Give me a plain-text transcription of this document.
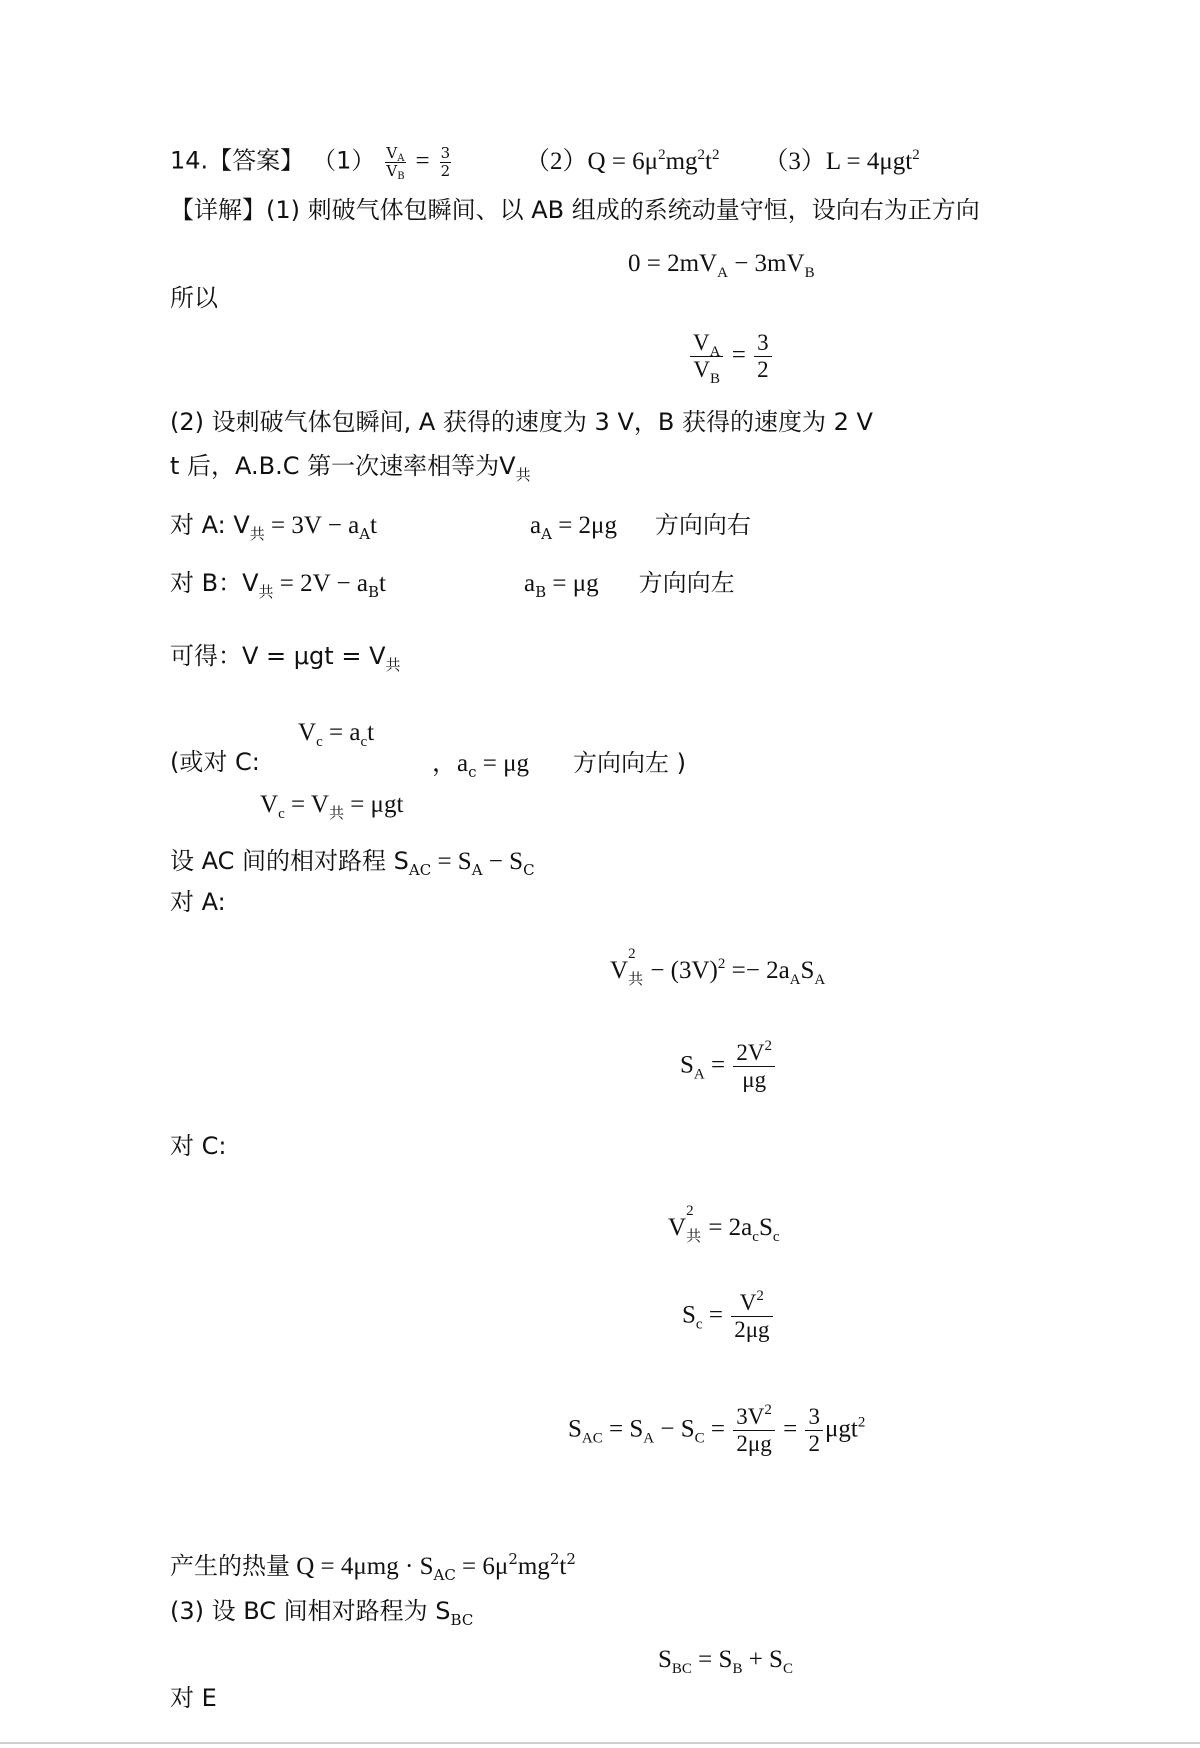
14.【答案】 $(1) \frac{V_A}{V_B} = \frac{3}{2}$	$(2)Q = 6\mu^2mg^2t^2$ （3）L = 4μgt$^2$
【详解】(1) 刺破气体包瞬间、以 AB 组成的系统动量守恒，设向右为正方向
$0 = 2mV_A - 3mV_B$
所以
$\frac{V_A}{V_B} = \frac{3}{2}$
(2) 设刺破气体包瞬间, A 获得的速度为 3 V，B 获得的速度为 2 V
t 后，A.B.C 第一次速率相等为$V_共$
对 A: $V_共 = 3V - a_At$	$a_A = 2\mu g$ 方向向右
对 B：$V_共 = 2V - a_Bt$	$a_B = \mu g$ 方向向左
可得：$V = \mu gt = V_共$
$V_c = a_ct$
(或对 C:	，$a_c = \mu g$ 方向向左 )
$V_c = V_共 = \mu gt$
设 AC 间的相对路程 $S_{AC} = S_A - S_C$
对 A:
V
2
共 − $(3V)^2 =- 2a_AS_A$
$S_A = \frac{2V^2}{\mu g}$
对 C:
V
2
共 = $2a_cS_c$
$S_c = \frac{V^2}{2\mu g}$
$S_{AC} = S_A - S_C = \frac{3V^2}{2\mu g} = \frac{3}{2} \mu gt^2$
产生的热量 $Q = 4\mu mg \cdot S_{AC} = 6\mu^2mg^2t^2$
(3) 设 BC 间相对路程为 $S_{BC}$
$S_{BC} = S_B + S_C$
对 E
